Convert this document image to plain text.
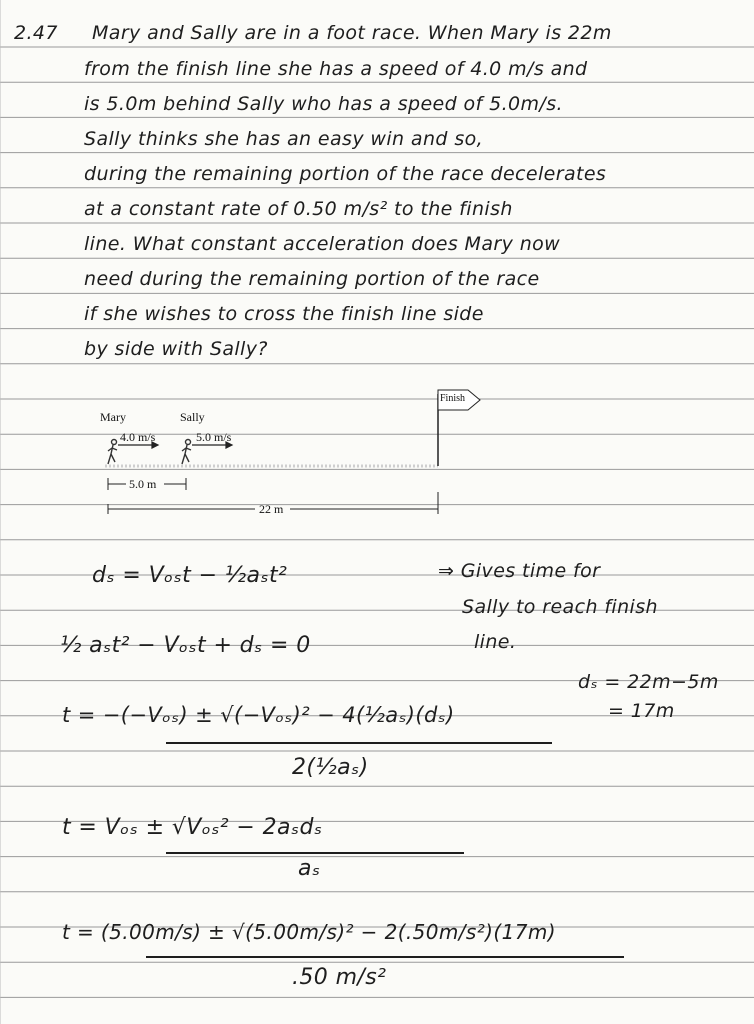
2.47 Mary and Sally are in a foot race. When Mary is 22m
from the finish line she has a speed of 4.0 m/s and
is 5.0m behind Sally who has a speed of 5.0m/s.
Sally thinks she has an easy win and so,
during the remaining portion of the race decelerates
at a constant rate of 0.50 m/s² to the finish
line. What constant acceleration does Mary now
need during the remaining portion of the race
if she wishes to cross the finish line side
by side with Sally?
Mary
4.0 m/s
Sally
5.0 m/s
Finish
5.0 m
22 m
dₛ = Vₒₛt − ½aₛt²	⇒ Gives time for
Sally to reach finish
line.
½ aₛt² − Vₒₛt + dₛ = 0
dₛ = 22m−5m
= 17m
t = −(−Vₒₛ) ± √(−Vₒₛ)² − 4(½aₛ)(dₛ)
2(½aₛ)
t = Vₒₛ ± √Vₒₛ² − 2aₛdₛ
aₛ
t = (5.00m/s) ± √(5.00m/s)² − 2(.50m/s²)(17m)
.50 m/s²
